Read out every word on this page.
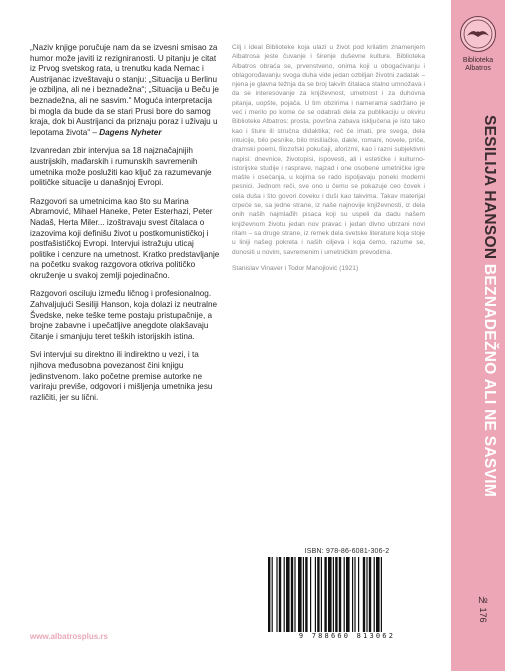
„Naziv knjige poručuje nam da se izvesni smisao za humor može javiti iz rezigniranosti. U pitanju je citat iz Prvog svetskog rata, u trenutku kada Nemac i Austrijanac izveštavaju o stanju: „Situacija u Berlinu je ozbiljna, ali ne i beznadežna“; „Situacija u Beču je beznadežna, ali ne sasvim.“ Moguća interpretacija bi mogla da bude da se stari Prusi bore do samog kraja, dok bi Austrijanci da priznaju poraz i uživaju u lepotama života“ – Dagens Nyheter

Izvanredan zbir intervjua sa 18 najznačajnijih austrijskih, mađarskih i rumunskih savremenih umetnika može poslužiti kao ključ za razumevanje političke situacije u današnjoj Evropi.

Razgovori sa umetnicima kao što su Marina Abramović, Mihael Haneke, Peter Esterhazi, Peter Nadaš, Herta Miler... izoštravaju svest čitalaca o izazovima koji definišu život u postkomunističkoj i postfašističkoj Evropi. Intervjui istražuju uticaj politike i cenzure na umetnost. Kratko predstavljanje na početku svakog razgovora otkriva političko okruženje u svakoj zemlji pojedinačno.

Razgovori osciluju između ličnog i profesionalnog. Zahvaljujući Sesiliji Hanson, koja dolazi iz neutralne Švedske, neke teške teme postaju pristupačnije, a brojne zabavne i upečatljive anegdote olakšavaju čitanje i smanjuju teret teških istorijskih istina.

Svi intervjui su direktno ili indirektno u vezi, i ta njihova međusobna povezanost čini knjigu jedinstvenom. Iako početne premise autorke ne variraju previše, odgovori i mišljenja umetnika jesu različiti, jer su lični.

Cilj i ideal Biblioteke koja ulazi u život pod krilatim znamenjem Albatrosa jeste čuvanje i širenje duševne kulture. Biblioteka Albatros obraća se, prvenstveno, onima koji u obogaćivanju i oblagorođavanju svoga duha vide jedan ozbiljan životni zadatak – njena je glavna težnja da se broj takvih čitalaca stalno umnožava i da se interesovanje za književnost, umetnost i za duhovna pitanja, uopšte, pojača. U tim obzirima i namerama sadržano je već i merilo po kome će se odabrati dela za publikaciju u okviru Biblioteke Albatros: prosta, površna zabava isključena je isto tako kao i šture ili stručna didaktika; reč će imati, pre svega, dela intuicije, bilo pesnike, bilo mislilačke, dakle, romani, novele, priče, dramski poemi, filozofski pokučaji, aforizmi, kao i razni subjektivni napisi: dnevnice, životopisi, ispovesti, ali i estetičke i kulturno-istorijske studije i rasprave, najzad i one osobene umetničke igre mašte i osećanja, u kojima se rado ispoljavaju poneki moderni pesnici. Jednom reči, sve ono u čemu se pokazuje ceo čovek i cela duša i što govori čoveku i duši kao takvima. Takav materijal crpeće se, sa jedne strane, iz naše najnovije književnosti, iz dela onih naših najmlađih pisaca koji su uspeli da dadu našem književnom životu jedan nov pravac i jedan divno ubrzani novi ritam – sa druge strane, iz remek dela svetske literature koja stoje u liniji našeg pokreta i naših ciljeva i koja ćemo, razume se, donositi u novim, savremenim i umetničkim prevodima.

Stanislav Vinaver i Todor Manojlović (1921)

www.albatrosplus.rs
ISBN: 978-86-6081-306-2
9 788660 813062
Biblioteka
Albatros
SESILIJA HANSON BEZNADEŽNO ALI NE SASVIM
№ 176
